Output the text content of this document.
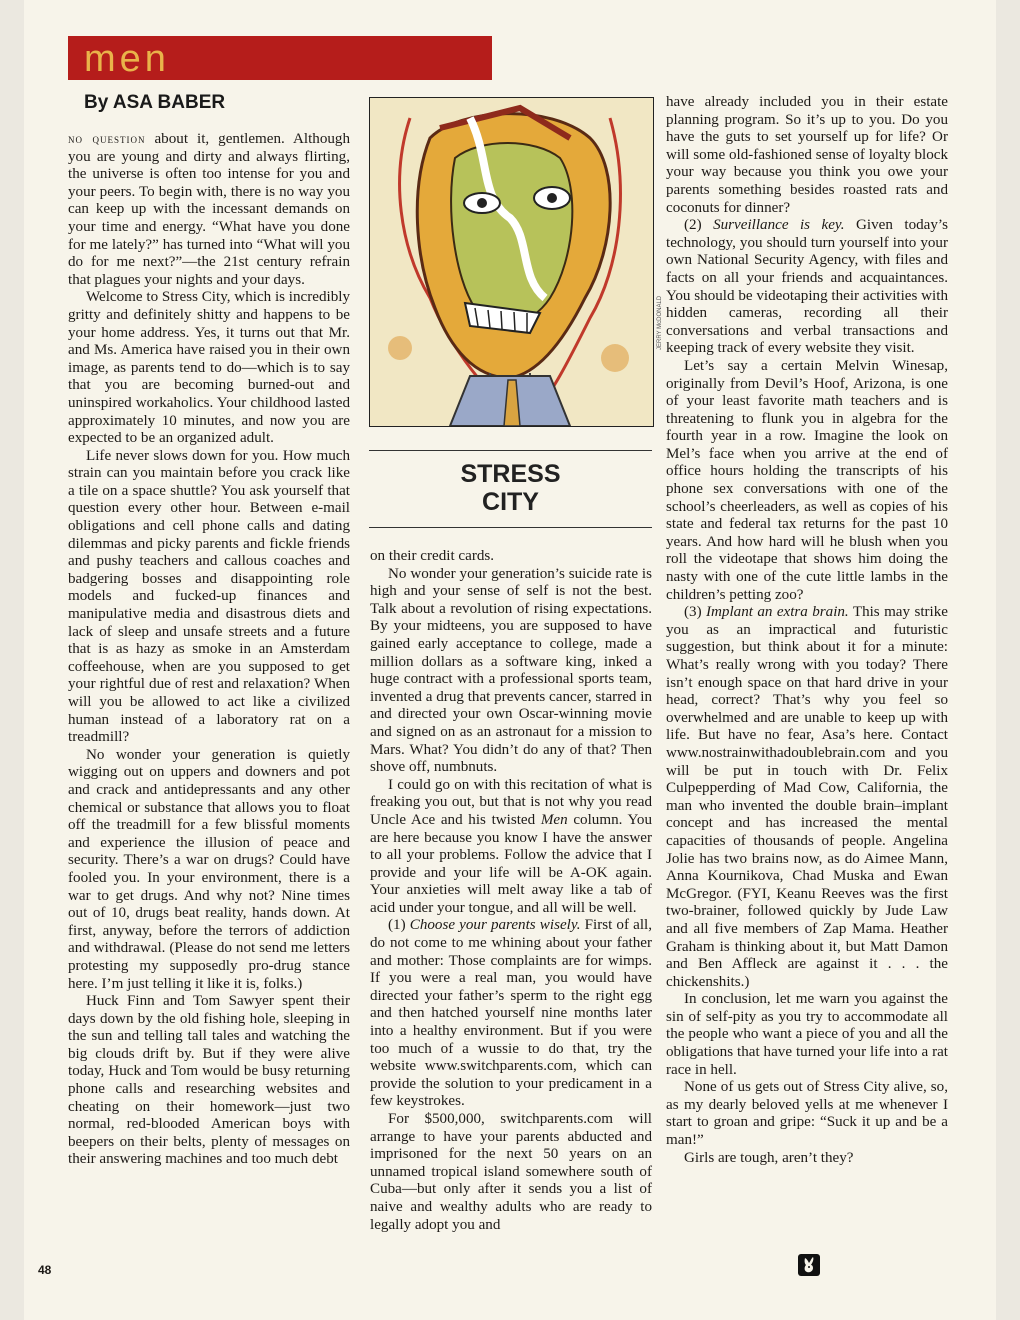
men
By ASA BABER

no question about it, gentlemen. Although you are young and dirty and always flirting, the universe is often too intense for you and your peers. To begin with, there is no way you can keep up with the incessant demands on your time and energy. “What have you done for me lately?” has turned into “What will you do for me next?”—the 21st century refrain that plagues your nights and your days.

Welcome to Stress City, which is incredibly gritty and definitely shitty and happens to be your home address. Yes, it turns out that Mr. and Ms. America have raised you in their own image, as parents tend to do—which is to say that you are becoming burned-out and uninspired workaholics. Your childhood lasted approximately 10 minutes, and now you are expected to be an organized adult.

Life never slows down for you. How much strain can you maintain before you crack like a tile on a space shuttle? You ask yourself that question every other hour. Between e-mail obligations and cell phone calls and dating dilemmas and picky parents and fickle friends and pushy teachers and callous coaches and badgering bosses and disappointing role models and fucked-up finances and manipulative media and disastrous diets and lack of sleep and unsafe streets and a future that is as hazy as smoke in an Amsterdam coffeehouse, when are you supposed to get your rightful due of rest and relaxation? When will you be allowed to act like a civilized human instead of a laboratory rat on a treadmill?

No wonder your generation is quietly wigging out on uppers and downers and pot and crack and antidepressants and any other chemical or substance that allows you to float off the treadmill for a few blissful moments and experience the illusion of peace and security. There’s a war on drugs? Could have fooled you. In your environment, there is a war to get drugs. And why not? Nine times out of 10, drugs beat reality, hands down. At first, anyway, before the terrors of addiction and withdrawal. (Please do not send me letters protesting my supposedly pro-drug stance here. I’m just telling it like it is, folks.)

Huck Finn and Tom Sawyer spent their days down by the old fishing hole, sleeping in the sun and telling tall tales and watching the big clouds drift by. But if they were alive today, Huck and Tom would be busy returning phone calls and researching websites and cheating on their homework—just two normal, red-blooded American boys with beepers on their belts, plenty of messages on their answering machines and too much debt

JERRY McDONALD
STRESS
CITY

on their credit cards.

No wonder your generation’s suicide rate is high and your sense of self is not the best. Talk about a revolution of rising expectations. By your midteens, you are supposed to have gained early acceptance to college, made a million dollars as a software king, inked a huge contract with a professional sports team, invented a drug that prevents cancer, starred in and directed your own Oscar-winning movie and signed on as an astronaut for a mission to Mars. What? You didn’t do any of that? Then shove off, numbnuts.

I could go on with this recitation of what is freaking you out, but that is not why you read Uncle Ace and his twisted Men column. You are here because you know I have the answer to all your problems. Follow the advice that I provide and your life will be A-OK again. Your anxieties will melt away like a tab of acid under your tongue, and all will be well.

(1) Choose your parents wisely. First of all, do not come to me whining about your father and mother: Those complaints are for wimps. If you were a real man, you would have directed your father’s sperm to the right egg and then hatched yourself nine months later into a healthy environment. But if you were too much of a wussie to do that, try the website www.switchparents.com, which can provide the solution to your predicament in a few keystrokes.

For $500,000, switchparents.com will arrange to have your parents abducted and imprisoned for the next 50 years on an unnamed tropical island somewhere south of Cuba—but only after it sends you a list of naive and wealthy adults who are ready to legally adopt you and

have already included you in their estate planning program. So it’s up to you. Do you have the guts to set yourself up for life? Or will some old-fashioned sense of loyalty block your way because you think you owe your parents something besides roasted rats and coconuts for dinner?

(2) Surveillance is key. Given today’s technology, you should turn yourself into your own National Security Agency, with files and facts on all your friends and acquaintances. You should be videotaping their activities with hidden cameras, recording all their conversations and verbal transactions and keeping track of every website they visit.

Let’s say a certain Melvin Winesap, originally from Devil’s Hoof, Arizona, is one of your least favorite math teachers and is threatening to flunk you in algebra for the fourth year in a row. Imagine the look on Mel’s face when you arrive at the end of office hours holding the transcripts of his phone sex conversations with one of the school’s cheerleaders, as well as copies of his state and federal tax returns for the past 10 years. And how hard will he blush when you roll the videotape that shows him doing the nasty with one of the cute little lambs in the children’s petting zoo?

(3) Implant an extra brain. This may strike you as an impractical and futuristic suggestion, but think about it for a minute: What’s really wrong with you today? There isn’t enough space on that hard drive in your head, correct? That’s why you feel so overwhelmed and are unable to keep up with life. But have no fear, Asa’s here. Contact www.nostrainwithadoublebrain.com and you will be put in touch with Dr. Felix Culpepperding of Mad Cow, California, the man who invented the double brain–implant concept and has increased the mental capacities of thousands of people. Angelina Jolie has two brains now, as do Aimee Mann, Anna Kournikova, Chad Muska and Ewan McGregor. (FYI, Keanu Reeves was the first two-brainer, followed quickly by Jude Law and all five members of Zap Mama. Heather Graham is thinking about it, but Matt Damon and Ben Affleck are against it . . . the chickenshits.)

In conclusion, let me warn you against the sin of self-pity as you try to accommodate all the people who want a piece of you and all the obligations that have turned your life into a rat race in hell.

None of us gets out of Stress City alive, so, as my dearly beloved yells at me whenever I start to groan and gripe: “Suck it up and be a man!”

Girls are tough, aren’t they?

48
